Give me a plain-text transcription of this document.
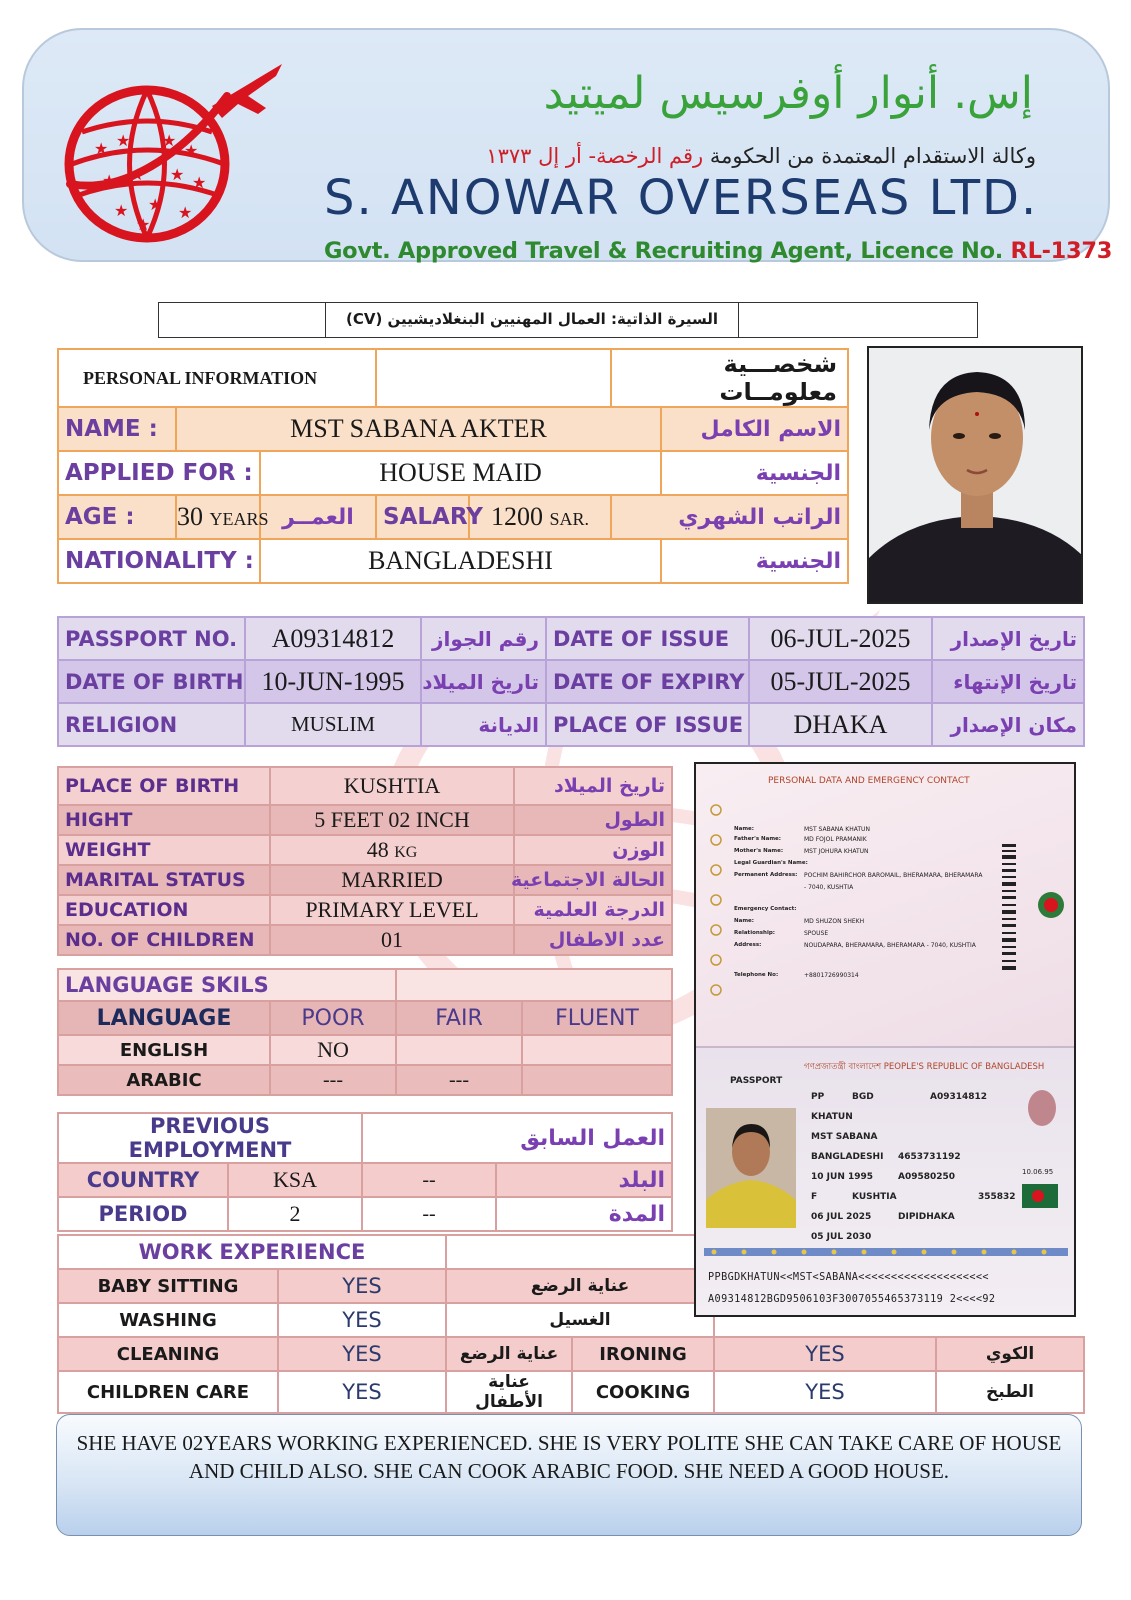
★ ★ ★
★
★ ★ ★ ★
★ ★ ★
★
إس. أنوار أوفرسيس لميتيد
وكالة الاستقدام المعتمدة من الحكومة رقم الرخصة- أر إل ١٣٧٣
S. ANOWAR OVERSEAS LTD.
Govt. Approved Travel & Recruiting Agent, Licence No. RL-1373
السيرة الذاتية: العمال المهنيين البنغلاديشيين (CV)
PERSONAL INFORMATION					شخصـــية معلومــات	
NAME :	MST SABANA AKTER					الاسم الكامل
APPLIED FOR :		HOUSE MAID				الجنسية
AGE :	30 YEARS	العمــر	SALARY	1200 SAR.	الراتب الشهري	
NATIONALITY :		BANGLADESHI				الجنسية
PASSPORT NO.	A09314812	رقم الجواز	DATE OF ISSUE	06-JUL-2025	تاريخ الإصدار
DATE OF BIRTH	10-JUN-1995	تاريخ الميلاد	DATE OF EXPIRY	05-JUL-2025	تاريخ الإنتهاء
RELIGION	MUSLIM	الديانة	PLACE OF ISSUE	DHAKA	مكان الإصدار
PLACE OF BIRTH	KUSHTIA	تاريخ الميلاد
HIGHT	5 FEET 02 INCH	الطول
WEIGHT	48 KG	الوزن
MARITAL STATUS	MARRIED	الحالة الاجتماعية
EDUCATION	PRIMARY LEVEL	الدرجة العلمية
NO. OF CHILDREN	01	عدد الاطفال
LANGUAGE SKILS			
LANGUAGE	POOR	FAIR	FLUENT
ENGLISH	NO		
ARABIC	---	---	
PREVIOUS EMPLOYMENT		العمل السابق	
COUNTRY	KSA	--	البلد
PERIOD	2	--	المدة
WORK EXPERIENCE					
BABY SITTING	YES	عناية الرضع			
WASHING	YES	الغسيل			
CLEANING	YES	عناية الرضع	IRONING	YES	الكوي
CHILDREN CARE	YES	عناية الأطفال	COOKING	YES	الطبخ
PERSONAL DATA AND EMERGENCY CONTACT
Name:	MST SABANA KHATUN
Father's Name:	MD FOJOL PRAMANIK
Mother's Name:	MST JOHURA KHATUN
Legal Guardian's Name:
Permanent Address: POCHIM BAHIRCHOR BAROMAIL, BHERAMARA, BHERAMARA
- 7040, KUSHTIA
Emergency Contact:
Name:	MD SHUZON SHEKH
Relationship:	SPOUSE
Address:	NOUDAPARA, BHERAMARA, BHERAMARA - 7040, KUSHTIA
Telephone No:	+8801726990314
গণপ্রজাতন্ত্রী বাংলাদেশ PEOPLE'S REPUBLIC OF BANGLADESH
PASSPORT
PP	BGD	A09314812
KHATUN
MST SABANA
BANGLADESHI 4653731192
10 JUN 1995	A09580250
F	KUSHTIA	355832
06 JUL 2025	DIPIDHAKA
05 JUL 2030
10.06.95
PPBGDKHATUN<<MST<SABANA<<<<<<<<<<<<<<<<<<<<
A09314812BGD9506103F3007055465373119 2<<<<92

SHE HAVE 02YEARS WORKING EXPERIENCED. SHE IS VERY POLITE SHE CAN TAKE CARE OF HOUSE AND CHILD ALSO. SHE CAN COOK ARABIC FOOD. SHE NEED A GOOD HOUSE.
